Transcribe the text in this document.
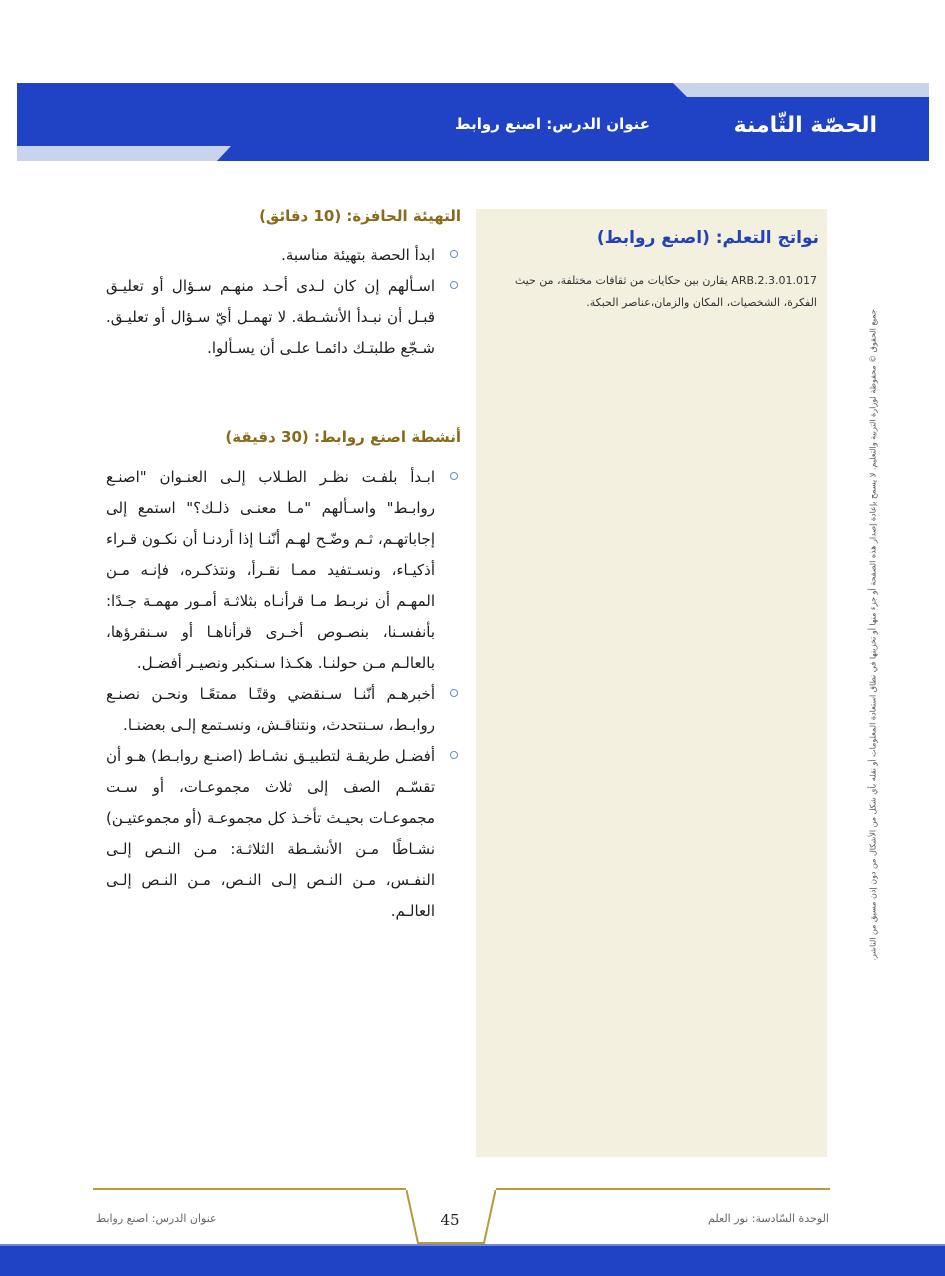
الحصّة الثّامنة
عنوان الدرس: اصنع روابط
نواتج التعلم: (اصنع روابط)
ARB.2.3.01.017 يقارن بين حكايات من ثقافات مختلفة، من حيث الفكرة، الشخصيات، المكان والزمان،عناصر الحبكة.
التهيئة الحافزة: (10 دقائق)
ابدأ الحصة بتهيئة مناسبة.
اسـألهم إن كان لـدى أحـد منهـم سـؤال أو تعليـق قبـل أن نبـدأ الأنشـطة. لا تهمـل أيّ سـؤال أو تعليـق. شـجّع طلبتـك دائمـا علـى أن يسـألوا.
أنشطة اصنع روابط: (30 دقيقة)
ابـدأ بلفـت نظـر الطـلاب إلـى العنـوان "اصنـع روابـط" واسـألهم "مـا معنـى ذلـك؟" استمع إلى إجاباتهـم، ثـم وضّـح لهـم أنّنـا إذا أردنـا أن نكـون قـراء أذكيـاء، ونسـتفيد ممـا نقـرأ، ونتذكـره، فإنـه مـن المهـم أن نربـط مـا قرأنـاه بثلاثـة أمـور مهمـة جـدًا: بأنفسـنا، بنصـوص أخـرى قرأناهـا أو سـنقرؤها، بالعالـم مـن حولنـا. هكـذا سـنكبر ونصيـر أفضـل.
أخبرهـم أنّنـا سـنقضي وقتًـا ممتعًـا ونحـن نصنـع روابـط، سـنتحدث، ونتناقـش، ونسـتمع إلـى بعضنـا.
أفضـل طريقـة لتطبيـق نشـاط (اصنـع روابـط) هـو أن تقسّـم الصف إلى ثلاث مجموعـات، أو سـت مجموعـات بحيـث تأخـذ كل مجموعـة (أو مجموعتيـن) نشـاطًا مـن الأنشـطة الثلاثـة: مـن النـص إلـى النفـس، مـن النـص إلـى النـص، مـن النـص إلـى العالـم.	جميع الحقوق © محفوظة لوزارة التربية والتعليم. لا يسمح بإعادة إصدار هذه الصفحة أو جزء منها أو تخزينها في نطاق استعادة المعلومات أو نقله بأي شكل من الأشكال من دون إذن مسبق من الناشر.
45
عنوان الدرس: اصنع روابط	الوحدة السّادسة: نور العلم
